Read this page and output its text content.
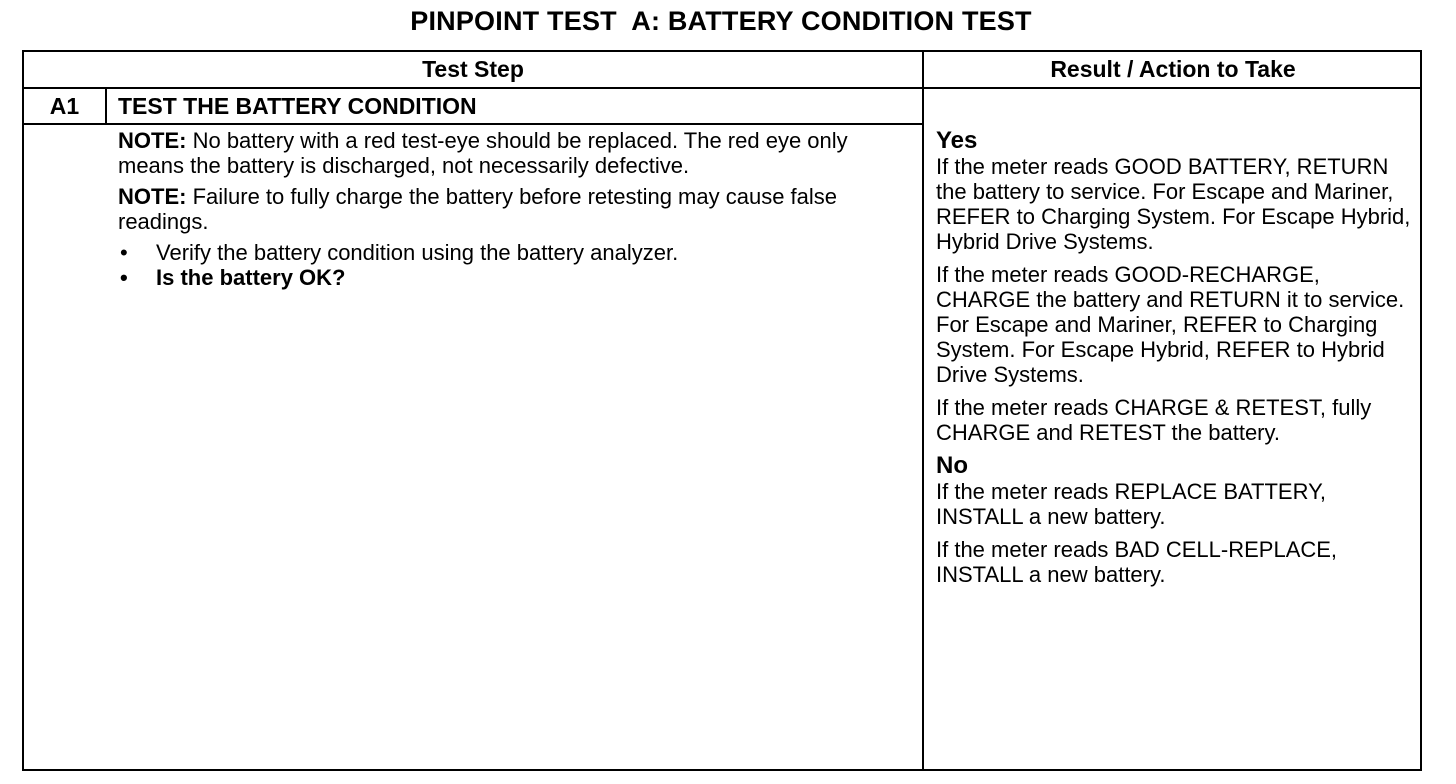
PINPOINT TEST  A: BATTERY CONDITION TEST
Test Step	Result / Action to Take
A1	TEST THE BATTERY CONDITION

NOTE: No battery with a red test-eye should be replaced. The red eye only means the battery is discharged, not necessarily defective.

NOTE: Failure to fully charge the battery before retesting may cause false readings.

• Verify the battery condition using the battery analyzer.
• Is the battery OK?

Yes

If the meter reads GOOD BATTERY, RETURN the battery to service. For Escape and Mariner, REFER to Charging System. For Escape Hybrid, Hybrid Drive Systems.

If the meter reads GOOD-RECHARGE, CHARGE the battery and RETURN it to service. For Escape and Mariner, REFER to Charging System. For Escape Hybrid, REFER to Hybrid Drive Systems.

If the meter reads CHARGE & RETEST, fully CHARGE and RETEST the battery.

No

If the meter reads REPLACE BATTERY, INSTALL a new battery.

If the meter reads BAD CELL-REPLACE, INSTALL a new battery.
